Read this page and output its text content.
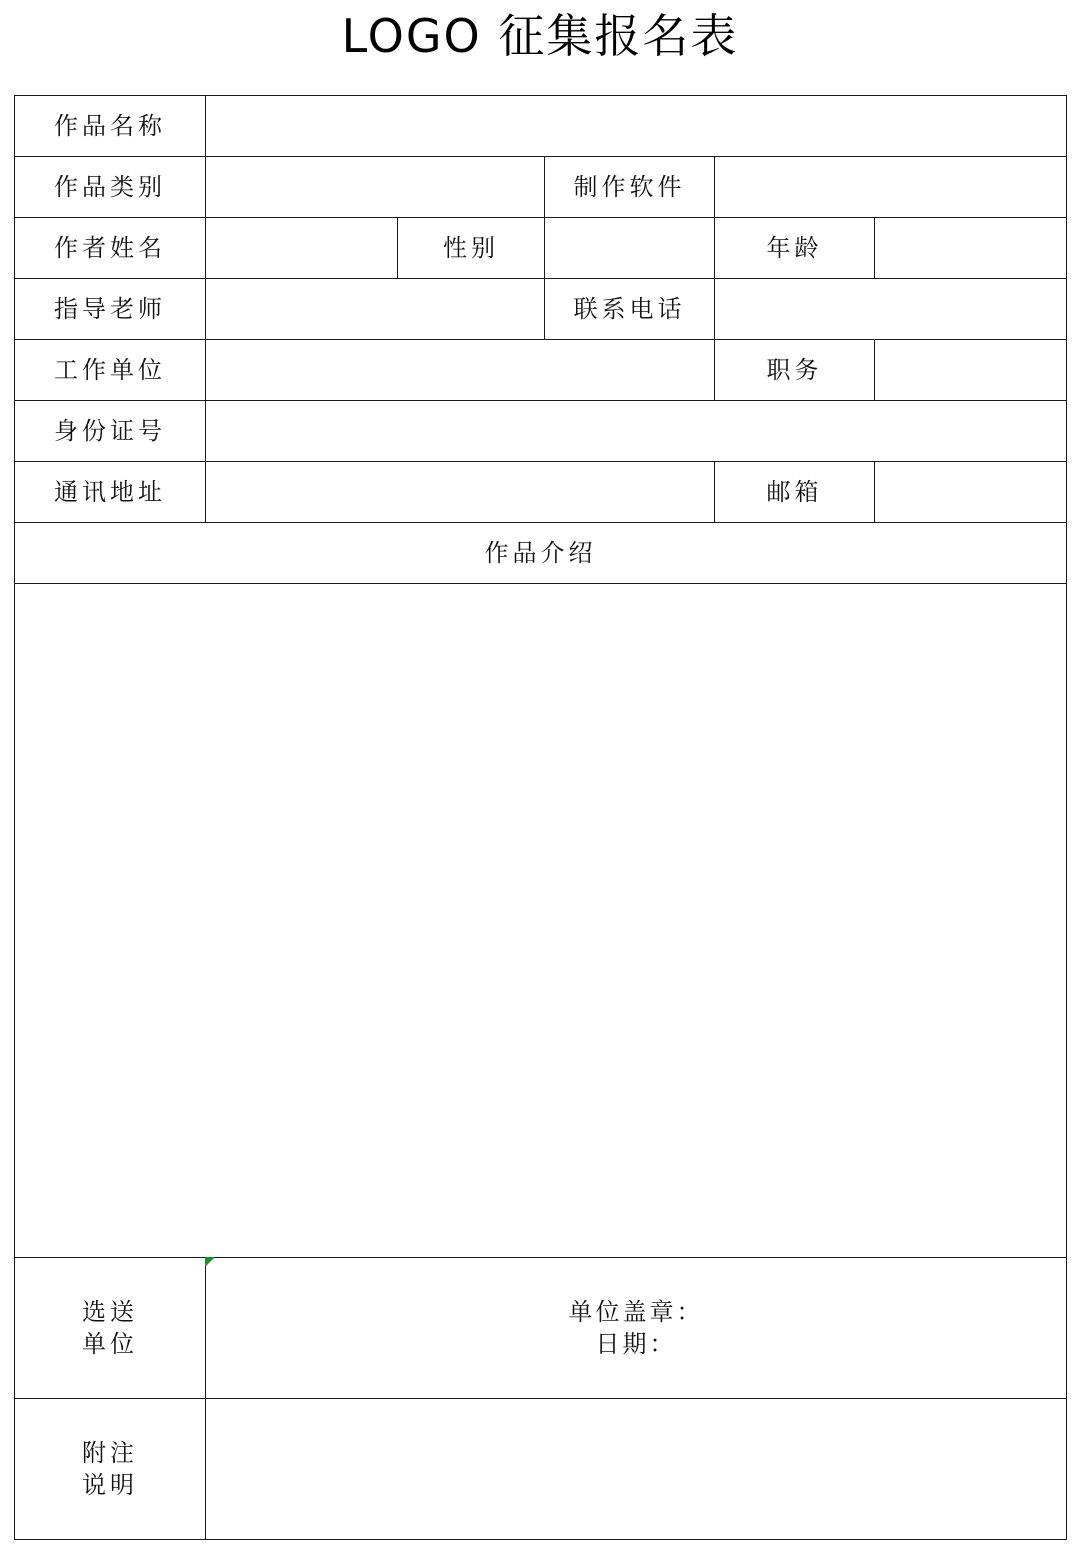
LOGO 征集报名表
作品名称					
作品类别			制作软件		
作者姓名		性别		年龄	
指导老师			联系电话		
工作单位				职务	
身份证号					
通讯地址				邮箱	
作品介绍					

选送
单位	单位盖章：
日期：				

附注
说明					
